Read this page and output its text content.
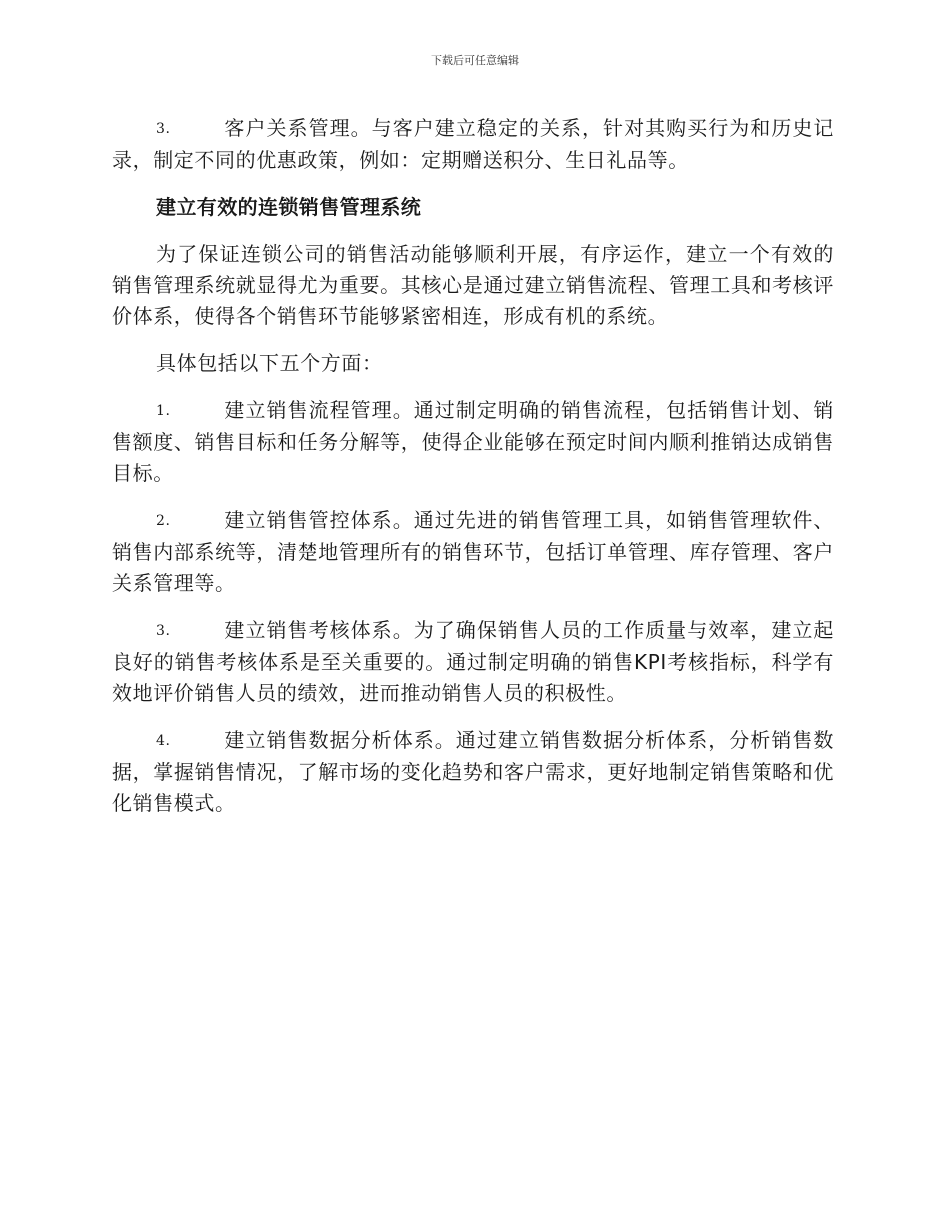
下载后可任意编辑

3.	客户关系管理。与客户建立稳定的关系，针对其购买行为和历史记录，制定不同的优惠政策，例如：定期赠送积分、生日礼品等。

建立有效的连锁销售管理系统

为了保证连锁公司的销售活动能够顺利开展，有序运作，建立一个有效的销售管理系统就显得尤为重要。其核心是通过建立销售流程、管理工具和考核评价体系，使得各个销售环节能够紧密相连，形成有机的系统。

具体包括以下五个方面：

1.	建立销售流程管理。通过制定明确的销售流程，包括销售计划、销售额度、销售目标和任务分解等，使得企业能够在预定时间内顺利推销达成销售目标。

2.	建立销售管控体系。通过先进的销售管理工具，如销售管理软件、销售内部系统等，清楚地管理所有的销售环节，包括订单管理、库存管理、客户关系管理等。

3.	建立销售考核体系。为了确保销售人员的工作质量与效率，建立起良好的销售考核体系是至关重要的。通过制定明确的销售KPI考核指标，科学有效地评价销售人员的绩效，进而推动销售人员的积极性。

4.	建立销售数据分析体系。通过建立销售数据分析体系，分析销售数据，掌握销售情况，了解市场的变化趋势和客户需求，更好地制定销售策略和优化销售模式。
